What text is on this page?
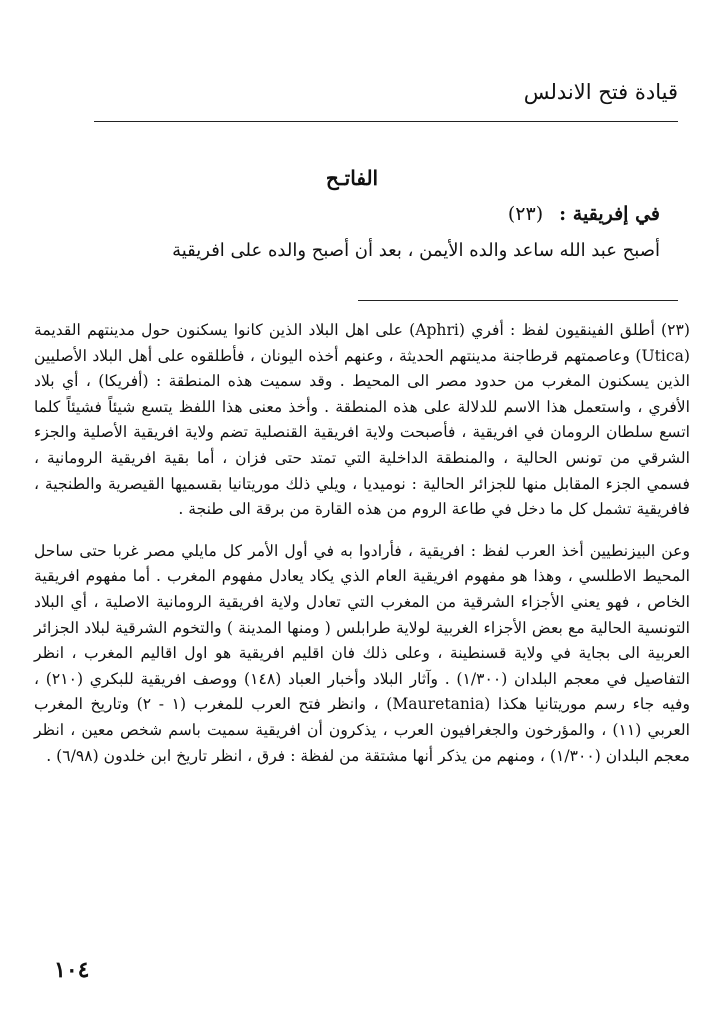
قيادة فتح الاندلس
الفاتـح
في إفريقية : (٢٣)
أصبح عبد الله ساعد والده الأيمن ، بعد أن أصبح والده على افريقية

(٢٣) أطلق الفينقيون لفظ : أفري (Aphri) على اهل البلاد الذين كانوا يسكنون حول مدينتهم القديمة (Utica) وعاصمتهم قرطاجنة مدينتهم الحديثة ، وعنهم أخذه اليونان ، فأطلقوه على أهل البلاد الأصليين الذين يسكنون المغرب من حدود مصر الى المحيط . وقد سميت هذه المنطقة : (أفريكا) ، أي بلاد الأفري ، واستعمل هذا الاسم للدلالة على هذه المنطقة . وأخذ معنى هذا اللفظ يتسع شيئاً فشيئاً كلما اتسع سلطان الرومان في افريقية ، فأصبحت ولاية افريقية القنصلية تضم ولاية افريقية الأصلية والجزء الشرقي من تونس الحالية ، والمنطقة الداخلية التي تمتد حتى فزان ، أما بقية افريقية الرومانية ، فسمي الجزء المقابل منها للجزائر الحالية : نوميديا ، ويلي ذلك موريتانيا بقسميها القيصرية والطنجية ، فافريقية تشمل كل ما دخل في طاعة الروم من هذه القارة من برقة الى طنجة .

وعن البيزنطيين أخذ العرب لفظ : افريقية ، فأرادوا به في أول الأمر كل مايلي مصر غربا حتى ساحل المحيط الاطلسي ، وهذا هو مفهوم افريقية العام الذي يكاد يعادل مفهوم المغرب . أما مفهوم افريقية الخاص ، فهو يعني الأجزاء الشرقية من المغرب التي تعادل ولاية افريقية الرومانية الاصلية ، أي البلاد التونسية الحالية مع بعض الأجزاء الغربية لولاية طرابلس ( ومنها المدينة ) والتخوم الشرقية لبلاد الجزائر العربية الى بجاية في ولاية قسنطينة ، وعلى ذلك فان اقليم افريقية هو اول اقاليم المغرب ، انظر التفاصيل في معجم البلدان (١/٣٠٠) . وآثار البلاد وأخبار العباد (١٤٨) ووصف افريقية للبكري (٢١٠) ، وفيه جاء رسم موريتانيا هكذا (Mauretania) ، وانظر فتح العرب للمغرب (١ - ٢) وتاريخ المغرب العربي (١١) ، والمؤرخون والجغرافيون العرب ، يذكرون أن افريقية سميت باسم شخص معين ، انظر معجم البلدان (١/٣٠٠) ، ومنهم من يذكر أنها مشتقة من لفظة : فرق ، انظر تاريخ ابن خلدون (٦/٩٨) .

١٠٤
